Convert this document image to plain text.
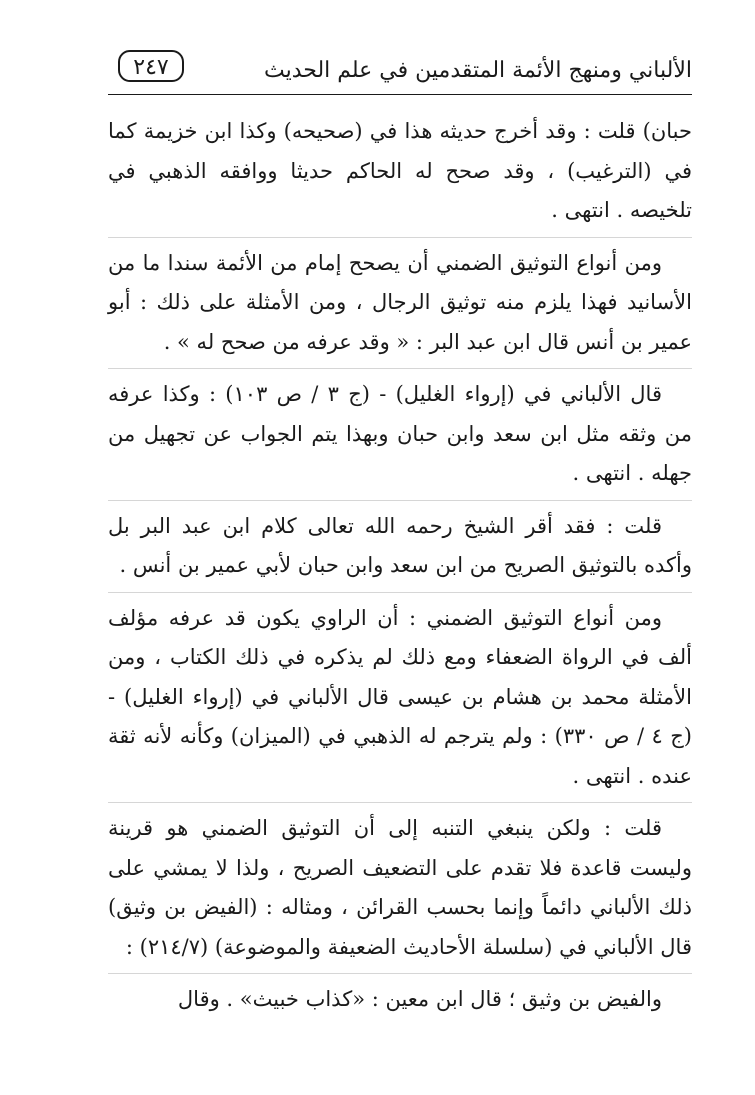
الألباني ومنهج الأئمة المتقدمين في علم الحديث
٢٤٧

حبان) قلت : وقد أخرج حديثه هذا في (صحيحه) وكذا ابن خزيمة كما في (الترغيب) ، وقد صحح له الحاكم حديثا ووافقه الذهبي في تلخيصه . انتهى .

ومن أنواع التوثيق الضمني أن يصحح إمام من الأئمة سندا ما من الأسانيد فهذا يلزم منه توثيق الرجال ، ومن الأمثلة على ذلك : أبو عمير بن أنس قال ابن عبد البر : « وقد عرفه من صحح له » .

قال الألباني في (إرواء الغليل) - (ج ٣ / ص ١٠٣) : وكذا عرفه من وثقه مثل ابن سعد وابن حبان وبهذا يتم الجواب عن تجهيل من جهله . انتهى .

قلت : فقد أقر الشيخ رحمه الله تعالى كلام ابن عبد البر بل وأكده بالتوثيق الصريح من ابن سعد وابن حبان لأبي عمير بن أنس .

ومن أنواع التوثيق الضمني : أن الراوي يكون قد عرفه مؤلف ألف في الرواة الضعفاء ومع ذلك لم يذكره في ذلك الكتاب ، ومن الأمثلة محمد بن هشام بن عيسى قال الألباني في (إرواء الغليل) - (ج ٤ / ص ٣٣٠) : ولم يترجم له الذهبي في (الميزان) وكأنه لأنه ثقة عنده . انتهى .

قلت : ولكن ينبغي التنبه إلى أن التوثيق الضمني هو قرينة وليست قاعدة فلا تقدم على التضعيف الصريح ، ولذا لا يمشي على ذلك الألباني دائماً وإنما بحسب القرائن ، ومثاله : (الفيض بن وثيق) قال الألباني في (سلسلة الأحاديث الضعيفة والموضوعة) (٢١٤/٧) :

والفيض بن وثيق ؛ قال ابن معين : «كذاب خبيث» . وقال
